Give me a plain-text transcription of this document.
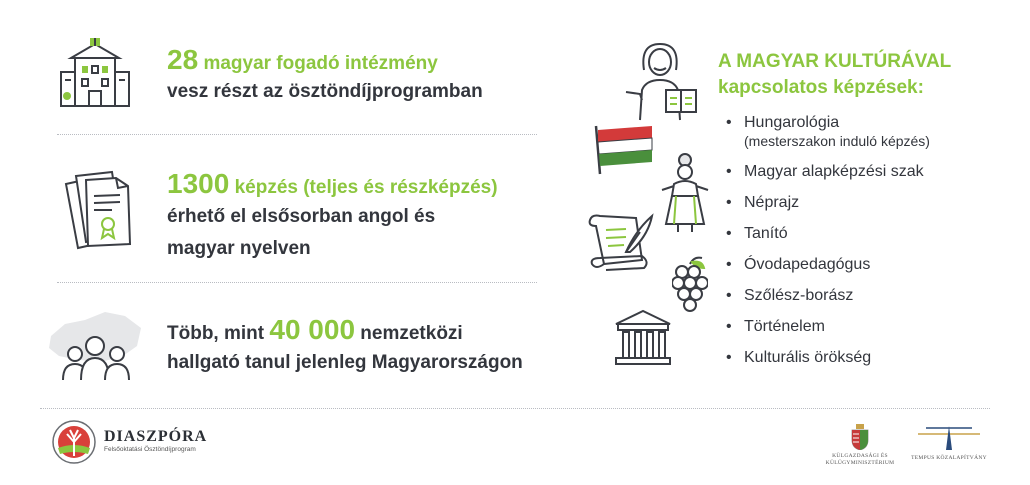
28 magyar fogadó intézmény
vesz részt az ösztöndíjprogramban
1300 képzés (teljes és részképzés)
érhető el elsősorban angol és
magyar nyelven
Több, mint 40 000 nemzetközi
hallgató tanul jelenleg Magyarországon
A MAGYAR KULTÚRÁVAL
kapcsolatos képzések:
• Hungarológia
(mesterszakon induló képzés)
• Magyar alapképzési szak
• Néprajz
• Tanító
• Óvodapedagógus
• Szőlész-borász
• Történelem
• Kulturális örökség
DIASZPÓRA
Felsőoktatási Ösztöndíjprogram
KÜLGAZDASÁGI ÉS
KÜLÜGYMINISZTÉRIUM
TEMPUS KÖZALAPÍTVÁNY
